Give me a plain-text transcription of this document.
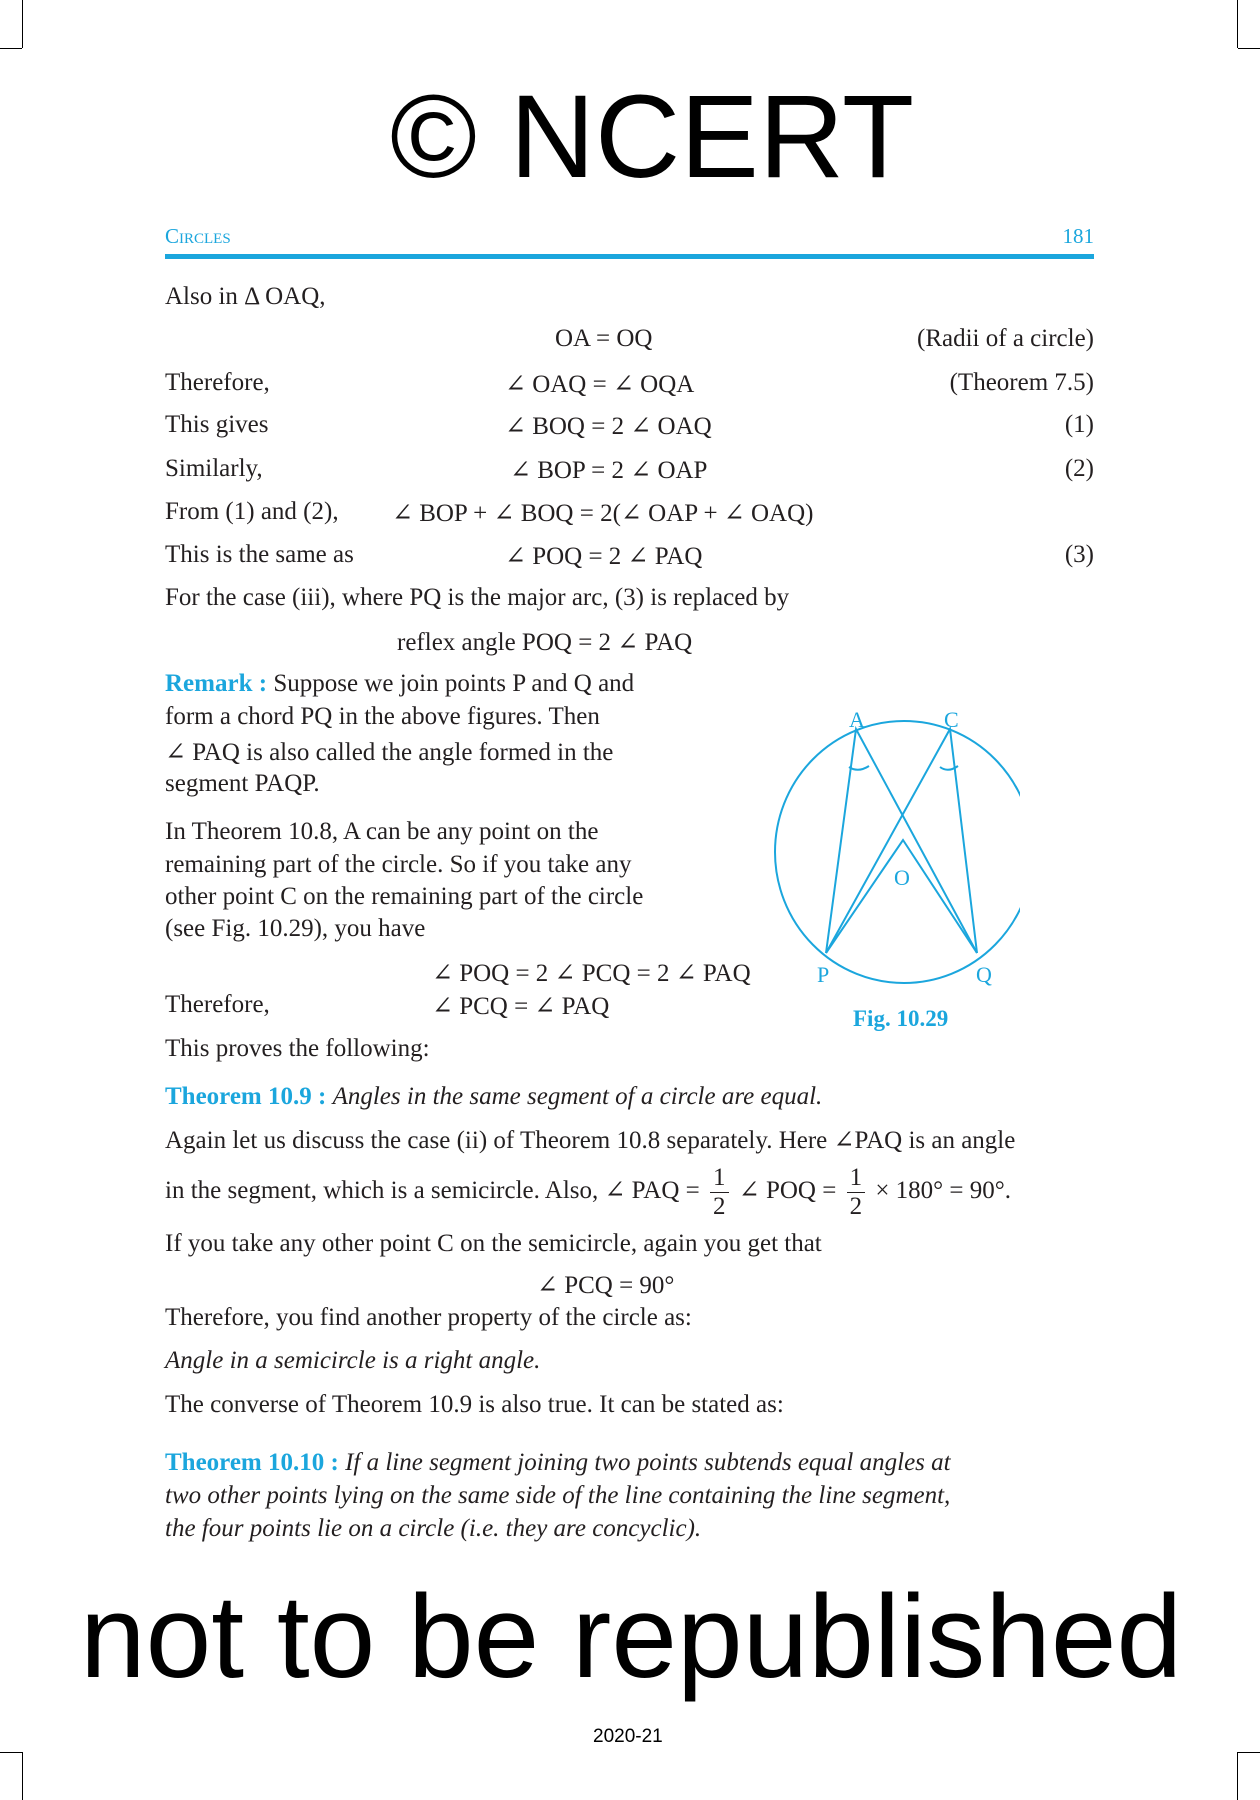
Circles	181
Also in Δ OAQ,
OA = OQ	(Radii of a circle)
Therefore,	∠ OAQ = ∠ OQA	(Theorem 7.5)
This gives	∠ BOQ = 2 ∠ OAQ	(1)
Similarly,	∠ BOP = 2 ∠ OAP	(2)
From (1) and (2), ∠ BOP + ∠ BOQ = 2(∠ OAP + ∠ OAQ)
This is the same as	∠ POQ = 2 ∠ PAQ	(3)
For the case (iii), where PQ is the major arc, (3) is replaced by
reflex angle POQ = 2 ∠ PAQ
Remark : Suppose we join points P and Q and
form a chord PQ in the above figures. Then
∠ PAQ is also called the angle formed in the
segment PAQP.
In Theorem 10.8, A can be any point on the
remaining part of the circle. So if you take any
other point C on the remaining part of the circle
(see Fig. 10.29), you have
∠ POQ = 2 ∠ PCQ = 2 ∠ PAQ
Therefore,	∠ PCQ = ∠ PAQ
This proves the following:
Theorem 10.9 : Angles in the same segment of a circle are equal.
Again let us discuss the case (ii) of Theorem 10.8 separately. Here ∠PAQ is an angle
in the segment, which is a semicircle. Also, ∠ PAQ = $\frac{1}{2}$ ∠ POQ = $\frac{1}{2} \times 180^\circ = 90^\circ$.
If you take any other point C on the semicircle, again you get that
∠ PCQ = 90°
Therefore, you find another property of the circle as:
Angle in a semicircle is a right angle.
The converse of Theorem 10.9 is also true. It can be stated as:
Theorem 10.10 : If a line segment joining two points subtends equal angles at
two other points lying on the same side of the line containing the line segment,
the four points lie on a circle (i.e. they are concyclic).
A	C
O
P	Q
Fig. 10.29
© NCERT
not to be republished
2020-21
